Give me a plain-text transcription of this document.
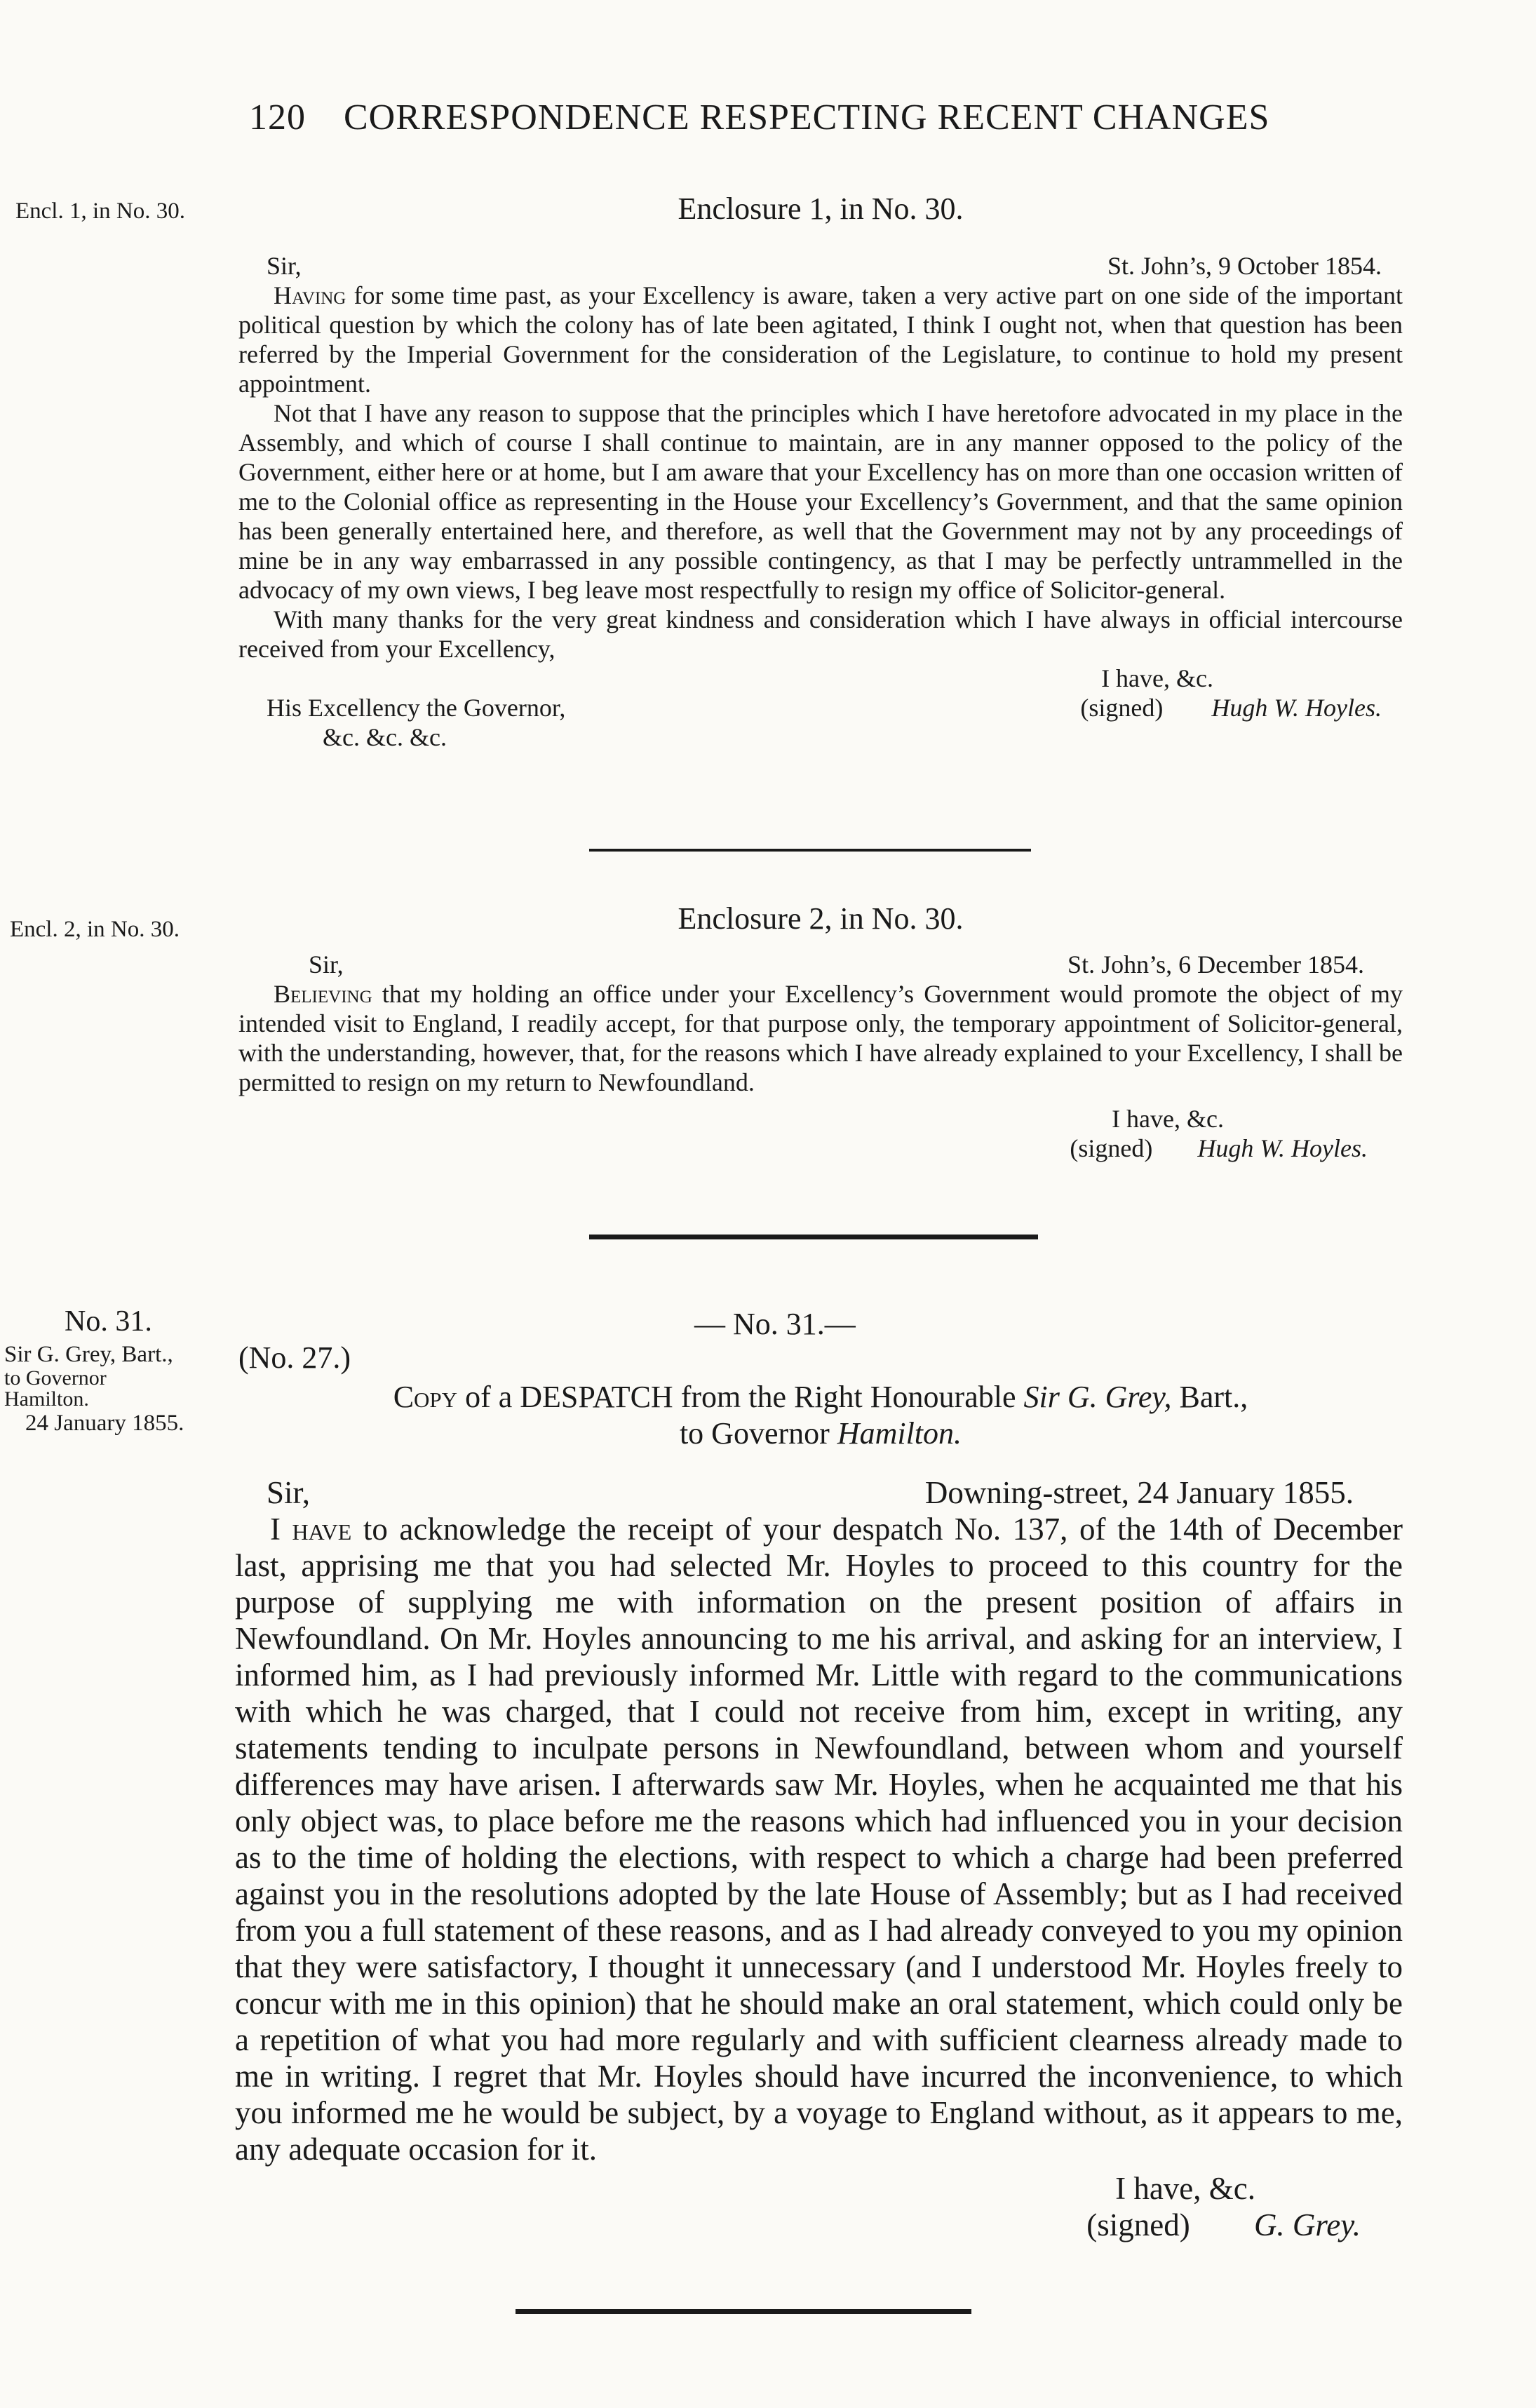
120 CORRESPONDENCE RESPECTING RECENT CHANGES
Encl. 1, in No. 30.	Enclosure 1, in No. 30.
Sir,	St. John’s, 9 October 1854.

Having for some time past, as your Excellency is aware, taken a very active part on one side of the important political question by which the colony has of late been agitated, I think I ought not, when that question has been referred by the Imperial Government for the consideration of the Legislature, to continue to hold my present appointment.

Not that I have any reason to suppose that the principles which I have heretofore advocated in my place in the Assembly, and which of course I shall continue to maintain, are in any manner opposed to the policy of the Government, either here or at home, but I am aware that your Excellency has on more than one occasion written of me to the Colonial office as representing in the House your Excellency’s Government, and that the same opinion has been generally entertained here, and therefore, as well that the Government may not by any proceedings of mine be in any way embarrassed in any possible contingency, as that I may be perfectly untrammelled in the advocacy of my own views, I beg leave most respectfully to resign my office of Solicitor-general.

With many thanks for the very great kindness and consideration which I have always in official intercourse received from your Excellency,

I have, &c.
His Excellency the Governor,	(signed) Hugh W. Hoyles.
&c. &c. &c.
Encl. 2, in No. 30.	Enclosure 2, in No. 30.
Sir,	St. John’s, 6 December 1854.

Believing that my holding an office under your Excellency’s Government would promote the object of my intended visit to England, I readily accept, for that purpose only, the temporary appointment of Solicitor-general, with the understanding, however, that, for the reasons which I have already explained to your Excellency, I shall be permitted to resign on my return to Newfoundland.

I have, &c.
(signed) Hugh W. Hoyles.
No. 31.
Sir G. Grey, Bart.,
to Governor
Hamilton.
24 January 1855.
— No. 31.—
(No. 27.)
Copy of a DESPATCH from the Right Honourable Sir G. Grey, Bart.,
to Governor Hamilton.
Sir,	Downing-street, 24 January 1855.

I have to acknowledge the receipt of your despatch No. 137, of the 14th of December last, apprising me that you had selected Mr. Hoyles to proceed to this country for the purpose of supplying me with information on the present position of affairs in Newfoundland. On Mr. Hoyles announcing to me his arrival, and asking for an interview, I informed him, as I had previously informed Mr. Little with regard to the communications with which he was charged, that I could not receive from him, except in writing, any statements tending to inculpate persons in Newfoundland, between whom and yourself differences may have arisen. I afterwards saw Mr. Hoyles, when he acquainted me that his only object was, to place before me the reasons which had influenced you in your decision as to the time of holding the elections, with respect to which a charge had been preferred against you in the resolutions adopted by the late House of Assembly; but as I had received from you a full statement of these reasons, and as I had already conveyed to you my opinion that they were satisfactory, I thought it unnecessary (and I understood Mr. Hoyles freely to concur with me in this opinion) that he should make an oral statement, which could only be a repetition of what you had more regularly and with sufficient clearness already made to me in writing. I regret that Mr. Hoyles should have incurred the inconvenience, to which you informed me he would be subject, by a voyage to England without, as it appears to me, any adequate occasion for it.

I have, &c.
(signed) G. Grey.
